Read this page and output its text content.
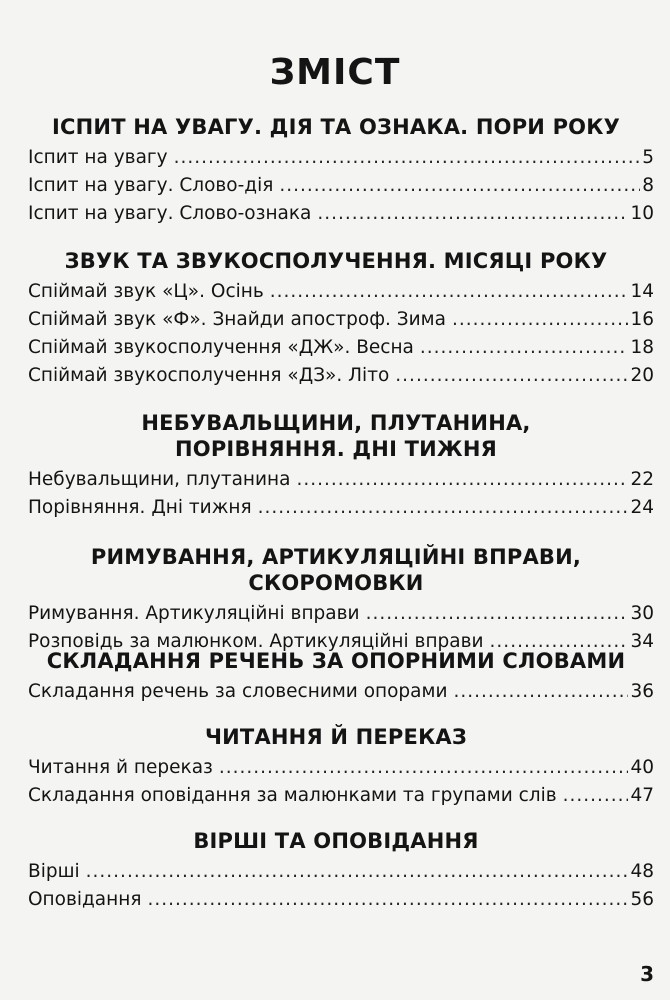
ЗМІСТ
ІСПИТ НА УВАГУ. ДІЯ ТА ОЗНАКА. ПОРИ РОКУ
Іспит на увагу .....	5
Іспит на увагу. Слово-дія .....	8
Іспит на увагу. Слово-ознака .....	10
ЗВУК ТА ЗВУКОСПОЛУЧЕННЯ. МІСЯЦІ РОКУ
Спіймай звук «Ц». Осінь .....	14
Спіймай звук «Ф». Знайди апостроф. Зима .....	16
Спіймай звукосполучення «ДЖ». Весна .....	18
Спіймай звукосполучення «ДЗ». Літо .....	20
НЕБУВАЛЬЩИНИ, ПЛУТАНИНА,
ПОРІВНЯННЯ. ДНІ ТИЖНЯ
Небувальщини, плутанина .....	22
Порівняння. Дні тижня .....	24
РИМУВАННЯ, АРТИКУЛЯЦІЙНІ ВПРАВИ, СКОРОМОВКИ
Римування. Артикуляційні вправи .....	30
Розповідь за малюнком. Артикуляційні вправи .....	34
СКЛАДАННЯ РЕЧЕНЬ ЗА ОПОРНИМИ СЛОВАМИ
Складання речень за словесними опорами .....	36
ЧИТАННЯ Й ПЕРЕКАЗ
Читання й переказ .....	40
Складання оповідання за малюнками та групами слів .....	47
ВІРШІ ТА ОПОВІДАННЯ
Вірші .....	48
Оповідання .....	56
3
